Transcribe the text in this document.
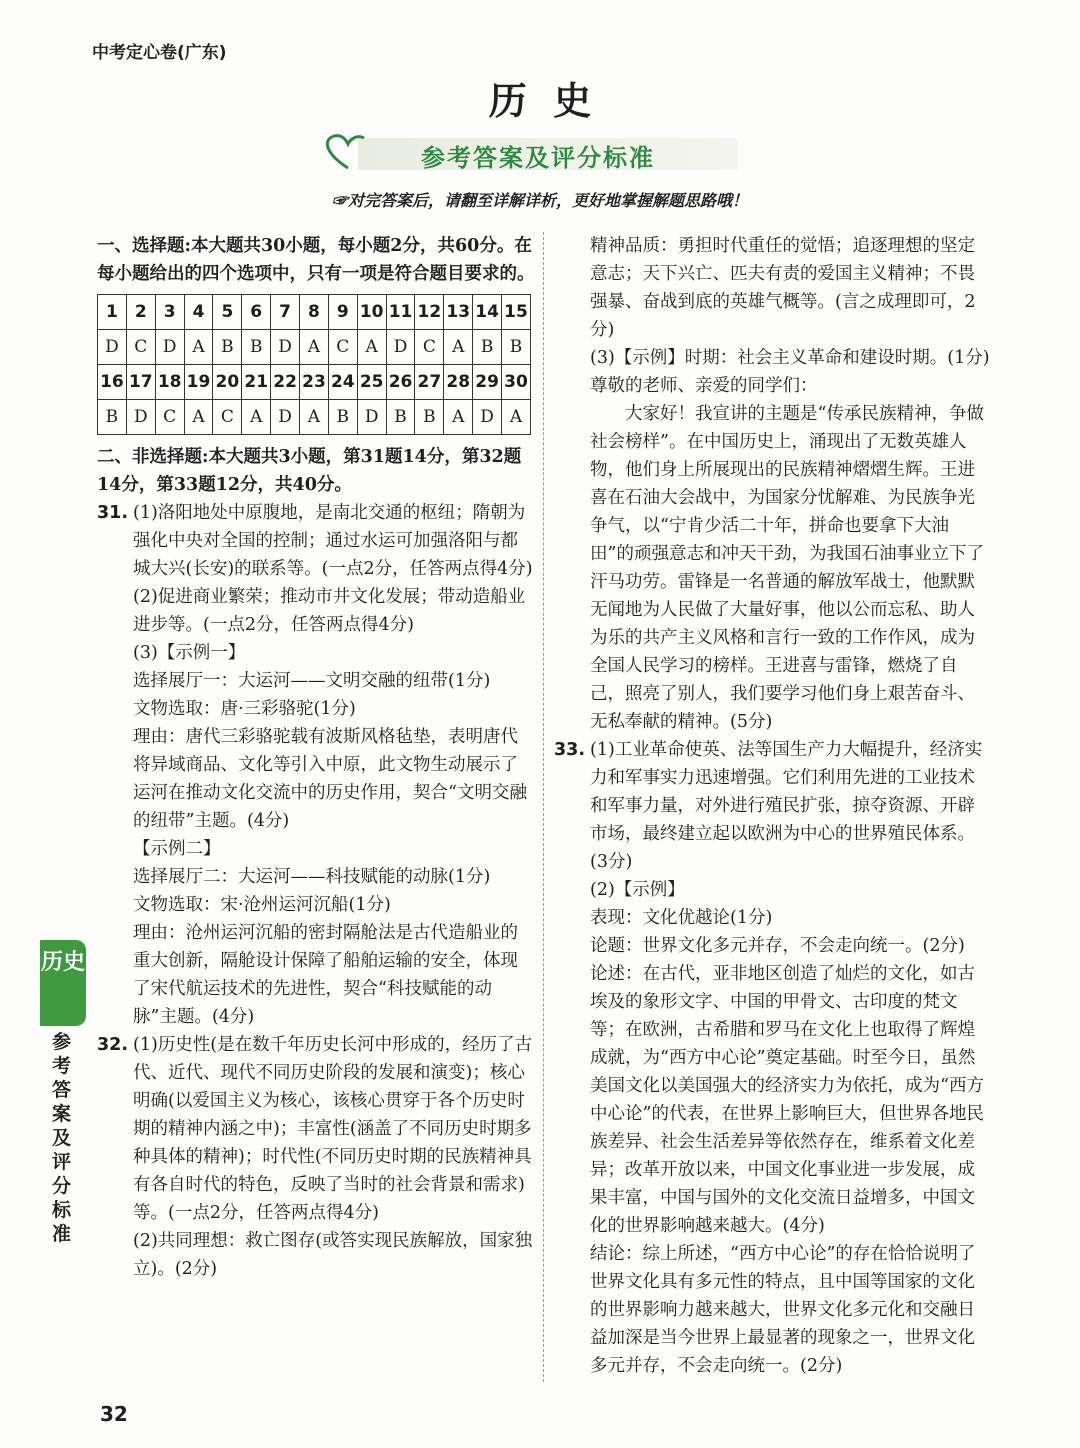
中考定心卷(广东)
历  史
参考答案及评分标准
☞对完答案后，请翻至详解详析，更好地掌握解题思路哦！

一、选择题:本大题共30小题，每小题2分，共60分。在每小题给出的四个选项中，只有一项是符合题目要求的。

1	2	3	4	5	6	7	8	9	10	11	12	13	14	15
D	C	D	A	B	B	D	A	C	A	D	C	A	B	B
16	17	18	19	20	21	22	23	24	25	26	27	28	29	30
B	D	C	A	C	A	D	A	B	D	B	B	A	D	A

二、非选择题:本大题共3小题，第31题14分，第32题14分，第33题12分，共40分。

31. (1)洛阳地处中原腹地，是南北交通的枢纽；隋朝为强化中央对全国的控制；通过水运可加强洛阳与都城大兴(长安)的联系等。(一点2分，任答两点得4分)

(2)促进商业繁荣；推动市井文化发展；带动造船业进步等。(一点2分，任答两点得4分)

(3)【示例一】

选择展厅一：大运河——文明交融的纽带(1分)

文物选取：唐·三彩骆驼(1分)

理由：唐代三彩骆驼载有波斯风格毡垫，表明唐代将异域商品、文化等引入中原，此文物生动展示了运河在推动文化交流中的历史作用，契合“文明交融的纽带”主题。(4分)

【示例二】

选择展厅二：大运河——科技赋能的动脉(1分)

文物选取：宋·沧州运河沉船(1分)

理由：沧州运河沉船的密封隔舱法是古代造船业的重大创新，隔舱设计保障了船舶运输的安全，体现了宋代航运技术的先进性，契合“科技赋能的动脉”主题。(4分)

32. (1)历史性(是在数千年历史长河中形成的，经历了古代、近代、现代不同历史阶段的发展和演变)；核心明确(以爱国主义为核心，该核心贯穿于各个历史时期的精神内涵之中)；丰富性(涵盖了不同历史时期多种具体的精神)；时代性(不同历史时期的民族精神具有各自时代的特色，反映了当时的社会背景和需求)等。(一点2分，任答两点得4分)

(2)共同理想：救亡图存(或答实现民族解放，国家独立)。(2分)

精神品质：勇担时代重任的觉悟；追逐理想的坚定意志；天下兴亡、匹夫有责的爱国主义精神；不畏强暴、奋战到底的英雄气概等。(言之成理即可，2分)

(3)【示例】时期：社会主义革命和建设时期。(1分)

尊敬的老师、亲爱的同学们：

大家好！我宣讲的主题是“传承民族精神，争做社会榜样”。在中国历史上，涌现出了无数英雄人物，他们身上所展现出的民族精神熠熠生辉。王进喜在石油大会战中，为国家分忧解难、为民族争光争气，以“宁肯少活二十年，拼命也要拿下大油田”的顽强意志和冲天干劲，为我国石油事业立下了汗马功劳。雷锋是一名普通的解放军战士，他默默无闻地为人民做了大量好事，他以公而忘私、助人为乐的共产主义风格和言行一致的工作作风，成为全国人民学习的榜样。王进喜与雷锋，燃烧了自己，照亮了别人，我们要学习他们身上艰苦奋斗、无私奉献的精神。(5分)

33. (1)工业革命使英、法等国生产力大幅提升，经济实力和军事实力迅速增强。它们利用先进的工业技术和军事力量，对外进行殖民扩张，掠夺资源、开辟市场，最终建立起以欧洲为中心的世界殖民体系。(3分)

(2)【示例】

表现：文化优越论(1分)

论题：世界文化多元并存，不会走向统一。(2分)

论述：在古代，亚非地区创造了灿烂的文化，如古埃及的象形文字、中国的甲骨文、古印度的梵文等；在欧洲，古希腊和罗马在文化上也取得了辉煌成就，为“西方中心论”奠定基础。时至今日，虽然美国文化以美国强大的经济实力为依托，成为“西方中心论”的代表，在世界上影响巨大，但世界各地民族差异、社会生活差异等依然存在，维系着文化差异；改革开放以来，中国文化事业进一步发展，成果丰富，中国与国外的文化交流日益增多，中国文化的世界影响越来越大。(4分)

结论：综上所述，“西方中心论”的存在恰恰说明了世界文化具有多元性的特点，且中国等国家的文化的世界影响力越来越大，世界文化多元化和交融日益加深是当今世界上最显著的现象之一，世界文化多元并存，不会走向统一。(2分)

历史
参考答案及评分标准
32
